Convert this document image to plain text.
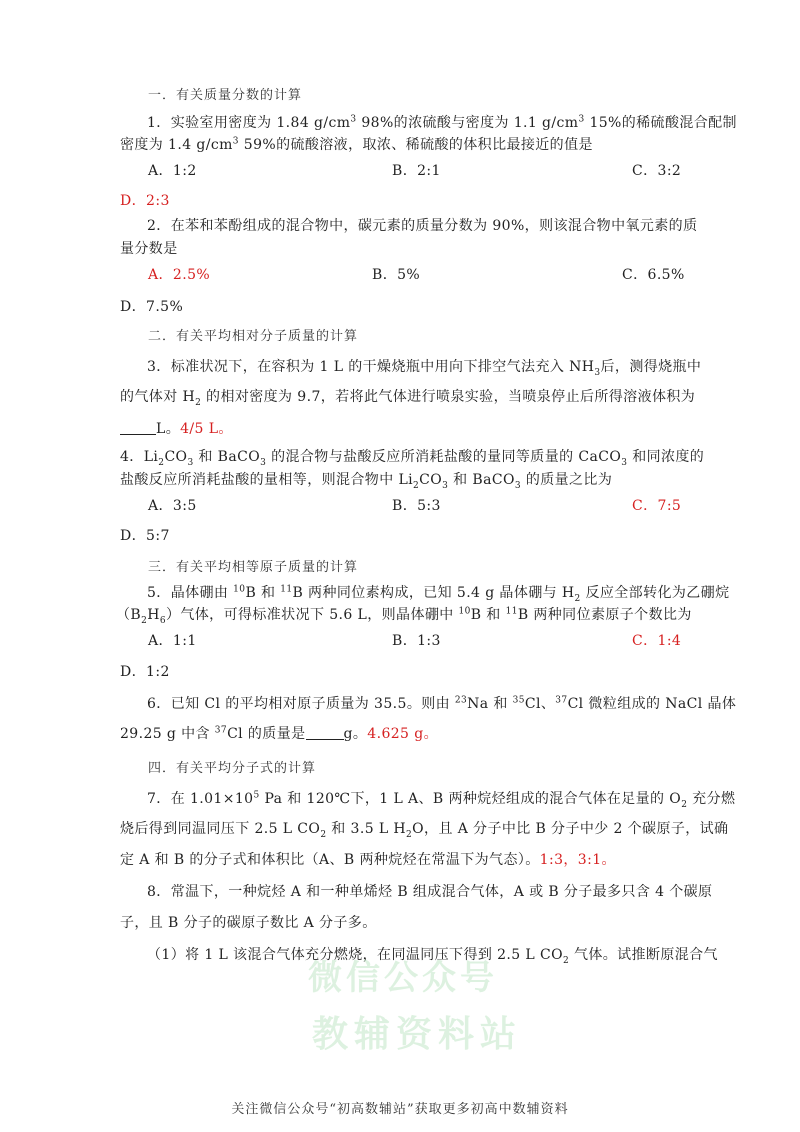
一．有关质量分数的计算
1．实验室用密度为 1.84 $g/cm^3$ 98%的浓硫酸与密度为 1.1 $g/cm^3$ 15%的稀硫酸混合配制
密度为 1.4 $g/cm^3$ 59%的硫酸溶液，取浓、稀硫酸的体积比最接近的值是
A．1:2	B．2:1	C．3:2
D．2:3
2．在苯和苯酚组成的混合物中，碳元素的质量分数为 90%，则该混合物中氧元素的质
量分数是
A．2.5%	B．5%	C．6.5%
D．7.5%
二．有关平均相对分子质量的计算
3．标准状况下，在容积为 1 L 的干燥烧瓶中用向下排空气法充入 $NH_3$后，测得烧瓶中
的气体对 $H_2$ 的相对密度为 9.7，若将此气体进行喷泉实验，当喷泉停止后所得溶液体积为
L。4/5 L。
4．$Li_2CO_3$ 和 BaCO$_3$ 的混合物与盐酸反应所消耗盐酸的量同等质量的 CaCO$_3$ 和同浓度的
盐酸反应所消耗盐酸的量相等，则混合物中 $Li_2CO_3$ 和 BaCO$_3$ 的质量之比为
A．3:5	B．5:3	C．7:5
D．5:7
三．有关平均相等原子质量的计算
5．晶体硼由 $^{10}$B 和 $^{11}$B 两种同位素构成，已知 5.4 g 晶体硼与 $H_2$ 反应全部转化为乙硼烷
$(B_2H_6)$气体，可得标准状况下 5.6 L，则晶体硼中 $^{10}$B 和 $^{11}$B 两种同位素原子个数比为
A．1:1	B．1:3	C．1:4
D．1:2
6．已知 Cl 的平均相对原子质量为 35.5。则由 $^{23}$Na 和 $^{35}$Cl、$^{37}$Cl 微粒组成的 NaCl 晶体
29.25 g 中含 $^{37}$Cl 的质量是	g。4.625 g。
四．有关平均分子式的计算
7．在 $1.01\times 10^5$ Pa 和 120℃下，1 L A、B 两种烷烃组成的混合气体在足量的 $O_2$ 充分燃
烧后得到同温同压下 2.5 L $CO_2$ 和 3.5 L $H_2O$，且 A 分子中比 B 分子中少 2 个碳原子，试确
定 A 和 B 的分子式和体积比（A、B 两种烷烃在常温下为气态）。1:3，3:1。
8．常温下，一种烷烃 A 和一种单烯烃 B 组成混合气体，A 或 B 分子最多只含 4 个碳原
子，且 B 分子的碳原子数比 A 分子多。
（1）将 1 L 该混合气体充分燃烧，在同温同压下得到 2.5 L $CO_2$ 气体。试推断原混合气
微信公众号
教辅资料站
关注微信公众号“初高数辅站”获取更多初高中数辅资料
